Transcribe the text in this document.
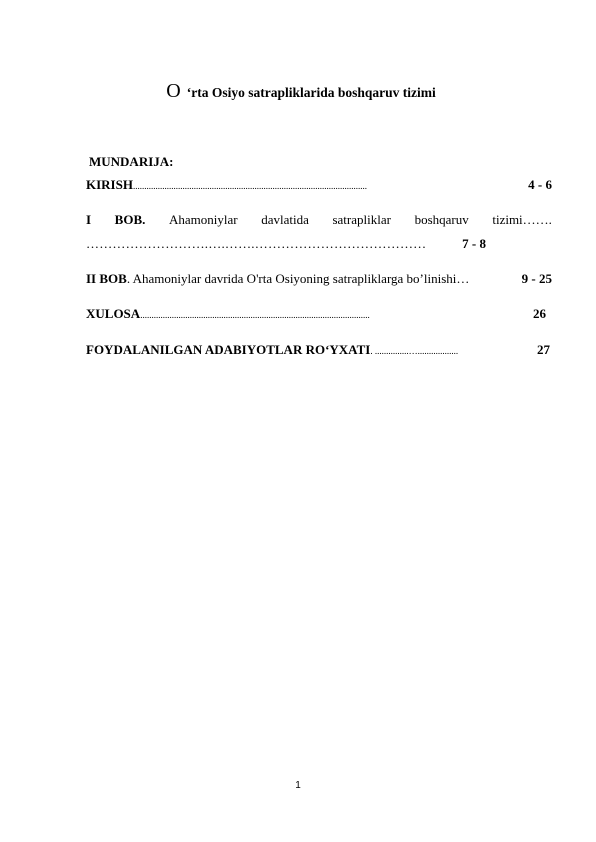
O ‘rta Osiyo satrapliklarida boshqaruv tizimi
MUNDARIJA:
KIRISH........................................................................................................	4 - 6
I BOB. Ahamoniylar davlatida satrapliklar boshqaruv tizimi…….
……………………….….…….…………………………………	7 - 8
II BOB. Ahamoniylar davrida O'rta Osiyoning satrapliklarga bo’linishi…	9 - 25
XULOSA......................................................................................................	26
FOYDALANILGAN ADABIYOTLAR RO‘YXATI. ...............…..................	27
1
